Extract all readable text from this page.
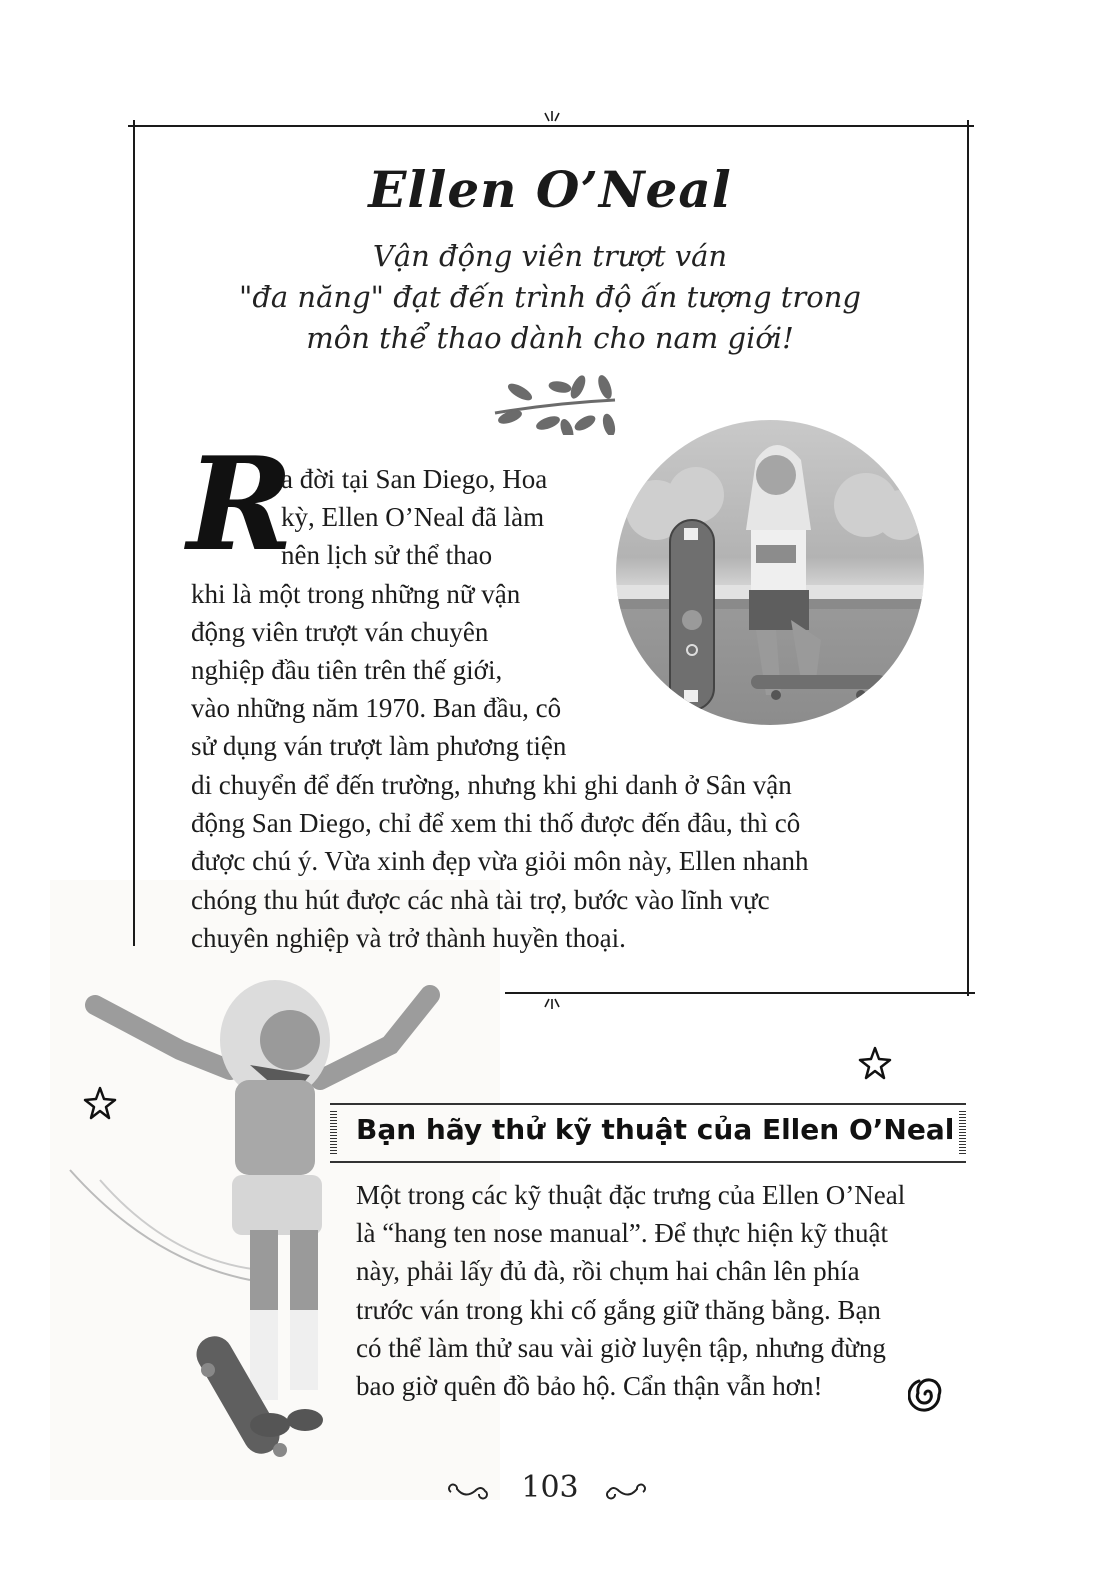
Ellen O’Neal
Vận động viên trượt ván
"đa năng" đạt đến trình độ ấn tượng trong
môn thể thao dành cho nam giới!
R
a đời tại San Diego, Hoa
kỳ, Ellen O’Neal đã làm
nên lịch sử thể thao
khi là một trong những nữ vận
động viên trượt ván chuyên
nghiệp đầu tiên trên thế giới,
vào những năm 1970. Ban đầu, cô
sử dụng ván trượt làm phương tiện
di chuyển để đến trường, nhưng khi ghi danh ở Sân vận
động San Diego, chỉ để xem thi thố được đến đâu, thì cô
được chú ý. Vừa xinh đẹp vừa giỏi môn này, Ellen nhanh
chóng thu hút được các nhà tài trợ, bước vào lĩnh vực
chuyên nghiệp và trở thành huyền thoại.
Bạn hãy thử kỹ thuật của Ellen O’Neal
Một trong các kỹ thuật đặc trưng của Ellen O’Neal
là “hang ten nose manual”. Để thực hiện kỹ thuật
này, phải lấy đủ đà, rồi chụm hai chân lên phía
trước ván trong khi cố gắng giữ thăng bằng. Bạn
có thể làm thử sau vài giờ luyện tập, nhưng đừng
bao giờ quên đồ bảo hộ. Cẩn thận vẫn hơn!
103
